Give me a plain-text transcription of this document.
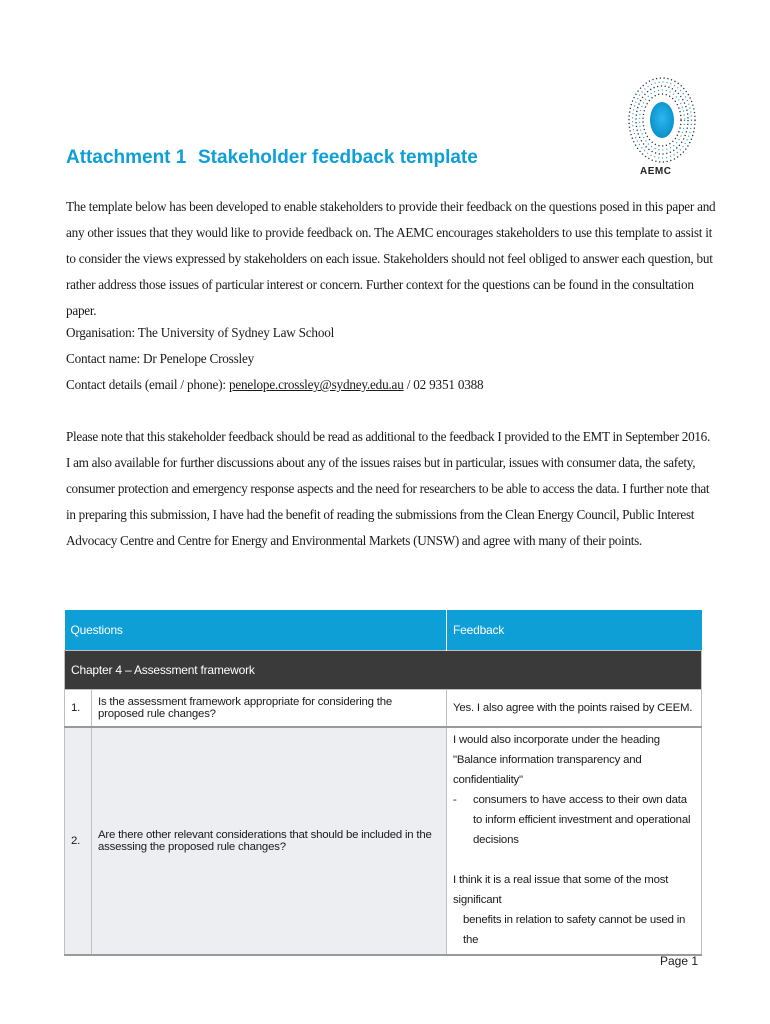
AEMC
Attachment 1 Stakeholder feedback template

The template below has been developed to enable stakeholders to provide their feedback on the questions posed in this paper and any other issues that they would like to provide feedback on. The AEMC encourages stakeholders to use this template to assist it to consider the views expressed by stakeholders on each issue. Stakeholders should not feel obliged to answer each question, but rather address those issues of particular interest or concern. Further context for the questions can be found in the consultation paper.

Organisation: The University of Sydney Law School
Contact name: Dr Penelope Crossley
Contact details (email / phone): penelope.crossley@sydney.edu.au / 02 9351 0388

Please note that this stakeholder feedback should be read as additional to the feedback I provided to the EMT in September 2016. I am also available for further discussions about any of the issues raises but in particular, issues with consumer data, the safety, consumer protection and emergency response aspects and the need for researchers to be able to access the data. I further note that in preparing this submission, I have had the benefit of reading the submissions from the Clean Energy Council, Public Interest Advocacy Centre and Centre for Energy and Environmental Markets (UNSW) and agree with many of their points.

Questions		Feedback
Chapter 4 – Assessment framework		
1.	Is the assessment framework appropriate for considering the proposed rule changes?	Yes. I also agree with the points raised by CEEM.
2.	Are there other relevant considerations that should be included in the assessing the proposed rule changes?	I would also incorporate under the heading "Balance information transparency and confidentiality"
- consumers to have access to their own data to inform efficient investment and operational decisions
I think it is a real issue that some of the most significant
benefits in relation to safety cannot be used in the
Page 1
